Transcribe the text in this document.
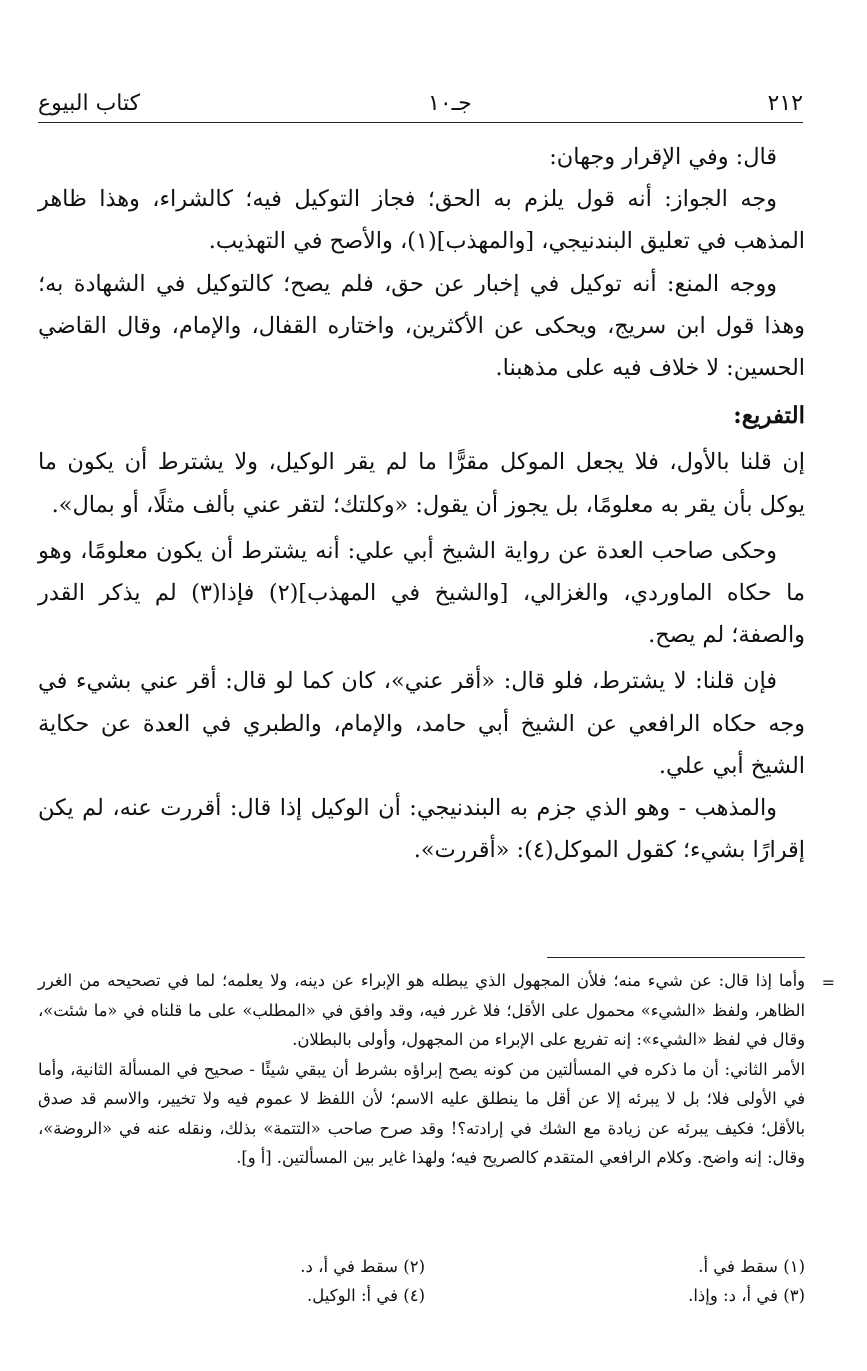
٢١٢
جـ١٠
كتاب البيوع

قال: وفي الإقرار وجهان:

وجه الجواز: أنه قول يلزم به الحق؛ فجاز التوكيل فيه؛ كالشراء، وهذا ظاهر المذهب في تعليق البندنيجي، [والمهذب](١)، والأصح في التهذيب.

ووجه المنع: أنه توكيل في إخبار عن حق، فلم يصح؛ كالتوكيل في الشهادة به؛ وهذا قول ابن سريج، ويحكى عن الأكثرين، واختاره القفال، والإمام، وقال القاضي الحسين: لا خلاف فيه على مذهبنا.

التفريع:

إن قلنا بالأول، فلا يجعل الموكل مقرًّا ما لم يقر الوكيل، ولا يشترط أن يكون ما يوكل بأن يقر به معلومًا، بل يجوز أن يقول: «وكلتك؛ لتقر عني بألف مثلًا، أو بمال».

وحكى صاحب العدة عن رواية الشيخ أبي علي: أنه يشترط أن يكون معلومًا، وهو ما حكاه الماوردي، والغزالي، [والشيخ في المهذب](٢) فإذا(٣) لم يذكر القدر والصفة؛ لم يصح.

فإن قلنا: لا يشترط، فلو قال: «أقر عني»، كان كما لو قال: أقر عني بشيء في وجه حكاه الرافعي عن الشيخ أبي حامد، والإمام، والطبري في العدة عن حكاية الشيخ أبي علي.

والمذهب - وهو الذي جزم به البندنيجي: أن الوكيل إذا قال: أقررت عنه، لم يكن إقرارًا بشيء؛ كقول الموكل(٤): «أقررت».

=

وأما إذا قال: عن شيء منه؛ فلأن المجهول الذي يبطله هو الإبراء عن دينه، ولا يعلمه؛ لما في تصحيحه من الغرر الظاهر، ولفظ «الشيء» محمول على الأقل؛ فلا غرر فيه، وقد وافق في «المطلب» على ما قلناه في «ما شئت»، وقال في لفظ «الشيء»: إنه تفريع على الإبراء من المجهول، وأولى بالبطلان.

الأمر الثاني: أن ما ذكره في المسألتين من كونه يصح إبراؤه بشرط أن يبقي شيئًا - صحيح في المسألة الثانية، وأما في الأولى فلا؛ بل لا يبرئه إلا عن أقل ما ينطلق عليه الاسم؛ لأن اللفظ لا عموم فيه ولا تخيير، والاسم قد صدق بالأقل؛ فكيف يبرئه عن زيادة مع الشك في إرادته؟! وقد صرح صاحب «التتمة» بذلك، ونقله عنه في «الروضة»، وقال: إنه واضح. وكلام الرافعي المتقدم كالصريح فيه؛ ولهذا غاير بين المسألتين. [أ و].

(١) سقط في أ.
(٢) سقط في أ، د.
(٣) في أ، د: وإذا.
(٤) في أ: الوكيل.
